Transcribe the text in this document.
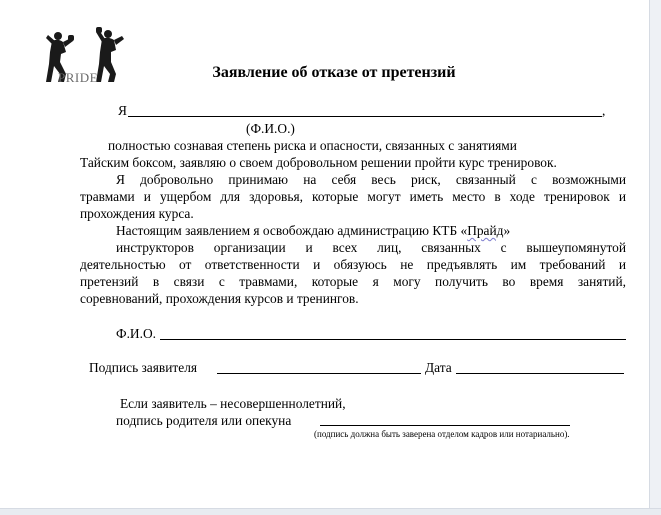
PRIDE	Заявление об отказе от претензий
Я	,
(Ф.И.О.)
полностью сознавая степень риска и опасности, связанных с занятиями
Тайским боксом, заявляю о своем добровольном решении пройти курс тренировок.
Я добровольно принимаю на себя весь риск, связанный с возможными
травмами и ущербом для здоровья, которые могут иметь место в ходе тренировок и
прохождения курса.
Настоящим заявлением я освобождаю администрацию КТБ «Прайд»
инструкторов организации и всех лиц, связанных с вышеупомянутой
деятельностью от ответственности и обязуюсь не предъявлять им требований и
претензий в связи с травмами, которые я могу получить во время занятий,
соревнований, прохождения курсов и тренингов.
Ф.И.О.
Подпись заявителя	Дата
Если заявитель – несовершеннолетний,
подпись родителя или опекуна
(подпись должна быть заверена отделом кадров или нотариально).
